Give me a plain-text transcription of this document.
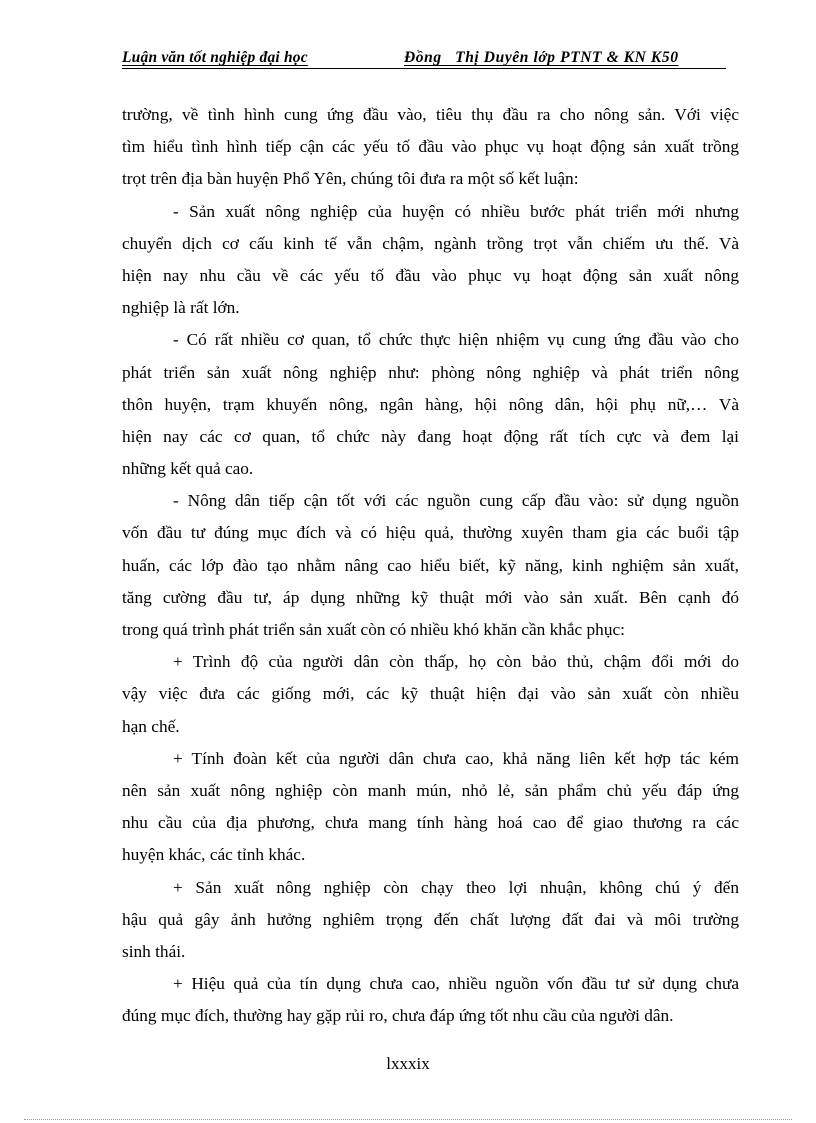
Luận văn tốt nghiệp đại học	Đồng   Thị Duyên lớp PTNT & KN K50
trường, về tình hình cung ứng đầu vào, tiêu thụ đầu ra cho nông sản. Với việc
tìm hiểu tình hình tiếp cận các yếu tố đầu vào phục vụ hoạt động sản xuất trồng
trọt trên địa bàn huyện Phổ Yên, chúng tôi đưa ra một số kết luận:
- Sản xuất nông nghiệp của huyện có nhiều bước phát triển mới nhưng
chuyển dịch cơ cấu kinh tế vẫn chậm, ngành trồng trọt vẫn chiếm ưu thế. Và
hiện nay nhu cầu về các yếu tố đầu vào phục vụ hoạt động sản xuất nông
nghiệp là rất lớn.
- Có rất nhiều cơ quan, tổ chức thực hiện nhiệm vụ cung ứng đầu vào cho
phát triển sản xuất nông nghiệp như: phòng nông nghiệp và phát triển nông
thôn huyện, trạm khuyến nông, ngân hàng, hội nông dân, hội phụ nữ,… Và
hiện nay các cơ quan, tổ chức này đang hoạt động rất tích cực và đem lại
những kết quả cao.
- Nông dân tiếp cận tốt với các nguồn cung cấp đầu vào: sử dụng nguồn
vốn đầu tư đúng mục đích và có hiệu quả, thường xuyên tham gia các buổi tập
huấn, các lớp đào tạo nhằm nâng cao hiểu biết, kỹ năng, kinh nghiệm sản xuất,
tăng cường đầu tư, áp dụng những kỹ thuật mới vào sản xuất. Bên cạnh đó
trong quá trình phát triển sản xuất còn có nhiều khó khăn cần khắc phục:
+ Trình độ của người dân còn thấp, họ còn bảo thủ, chậm đổi mới do
vậy việc đưa các giống mới, các kỹ thuật hiện đại vào sản xuất còn nhiều
hạn chế.
+ Tính đoàn kết của người dân chưa cao, khả năng liên kết hợp tác kém
nên sản xuất nông nghiệp còn manh mún, nhỏ lẻ, sản phẩm chủ yếu đáp ứng
nhu cầu của địa phương, chưa mang tính hàng hoá cao để giao thương ra các
huyện khác, các tỉnh khác.
+ Sản xuất nông nghiệp còn chạy theo lợi nhuận, không chú ý đến
hậu quả gây ảnh hưởng nghiêm trọng đến chất lượng đất đai và môi trường
sinh thái.
+ Hiệu quả của tín dụng chưa cao, nhiều nguồn vốn đầu tư sử dụng chưa
đúng mục đích, thường hay gặp rủi ro, chưa đáp ứng tốt nhu cầu của người dân.
lxxxix
